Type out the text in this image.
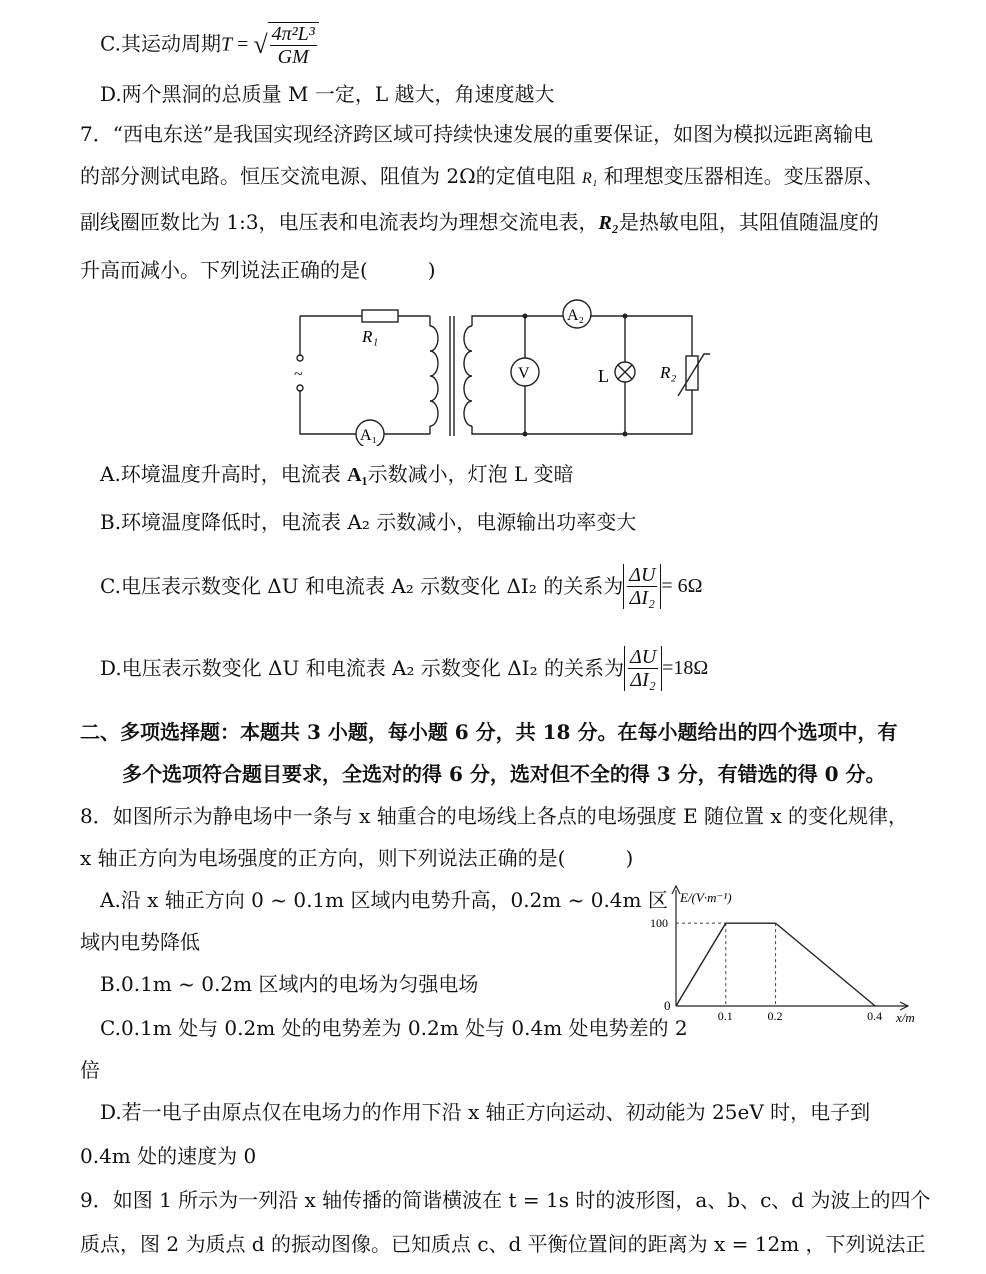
C.其运动周期T = √ $\frac{\text{4π²L³}}{GM}$
D.两个黑洞的总质量 M 一定，L 越大，角速度越大
7．“西电东送”是我国实现经济跨区域可持续快速发展的重要保证，如图为模拟远距离输电
的部分测试电路。恒压交流电源、阻值为 2Ω的定值电阻 R₁ 和理想变压器相连。变压器原、
副线圈匝数比为 1:3，电压表和电流表均为理想交流电表，R₂是热敏电阻，其阻值随温度的
升高而减小。下列说法正确的是(　　　)
R₁
A₁
A₂
V	L	R₂
~
A.环境温度升高时，电流表 A₁示数减小，灯泡 L 变暗
B.环境温度降低时，电流表 A₂ 示数减小，电源输出功率变大
C.电压表示数变化 ΔU 和电流表 A₂ 示数变化 ΔI₂ 的关系为 $\frac{\Delta U}{\text{ΔI₂}} = 6\Omega$
D.电压表示数变化 ΔU 和电流表 A₂ 示数变化 ΔI₂ 的关系为 $\frac{\Delta U}{\text{ΔI₂}} =18\Omega$
二、多项选择题：本题共 3 小题，每小题 6 分，共 18 分。在每小题给出的四个选项中，有
多个选项符合题目要求，全选对的得 6 分，选对但不全的得 3 分，有错选的得 0 分。
8．如图所示为静电场中一条与 x 轴重合的电场线上各点的电场强度 E 随位置 x 的变化规律，
x 轴正方向为电场强度的正方向，则下列说法正确的是(　　　)
A.沿 x 轴正方向 0 ~ 0.1m 区域内电势升高，0.2m ~ 0.4m 区
域内电势降低
B.0.1m ~ 0.2m 区域内的电场为匀强电场
C.0.1m 处与 0.2m 处的电势差为 0.2m 处与 0.4m 处电势差的 2
倍
D.若一电子由原点仅在电场力的作用下沿 x 轴正方向运动、初动能为 25eV 时，电子到
0.4m 处的速度为 0
0.1	0.2	0.4
100
E/(V·m⁻¹)
x/m
0
9．如图 1 所示为一列沿 x 轴传播的简谐横波在 t = 1s 时的波形图，a、b、c、d 为波上的四个
质点，图 2 为质点 d 的振动图像。已知质点 c、d 平衡位置间的距离为 x = 12m ，下列说法正
